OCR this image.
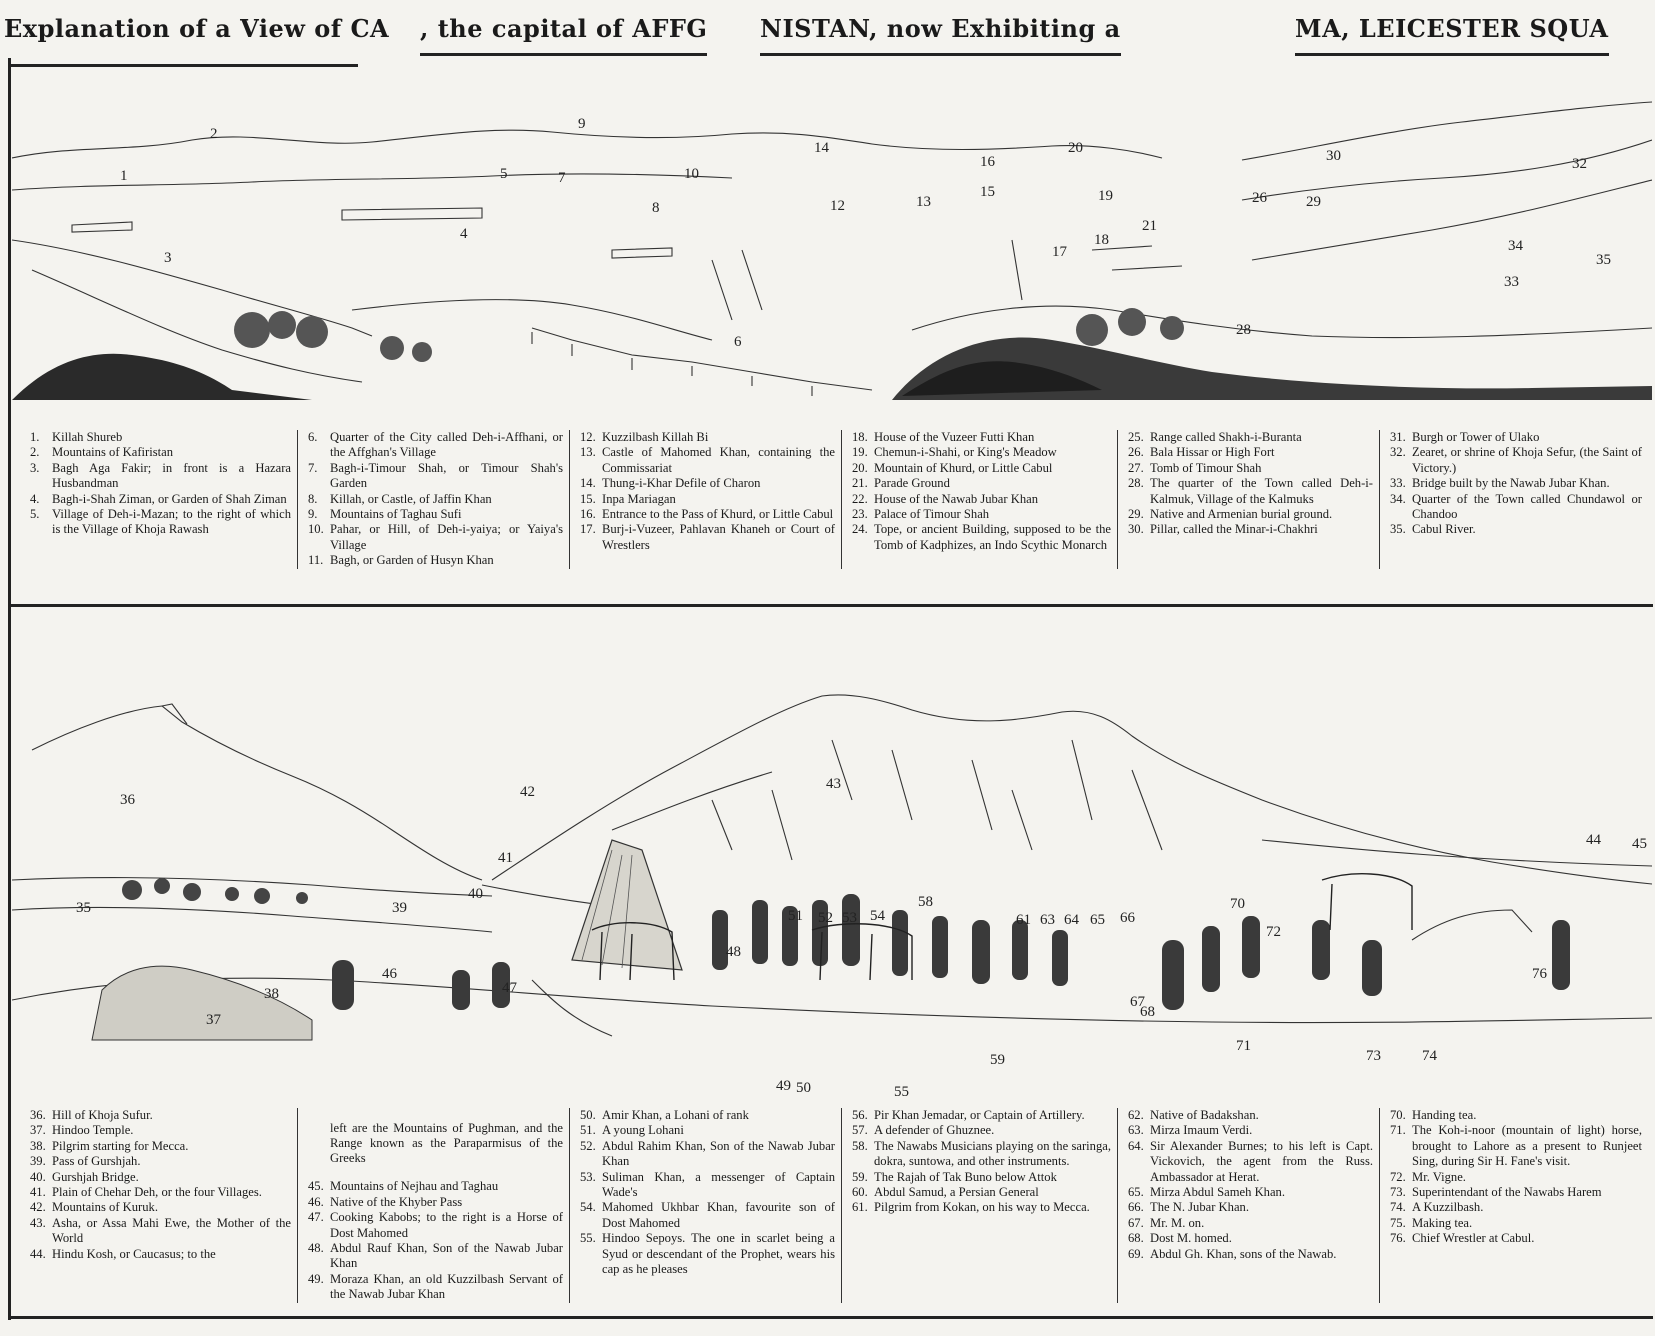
Explanation of a View of CA , the capital of AFFG NISTAN, now Exhibiting a	MA, LEICESTER SQUA
1
2
3
4
5
6
7
8
9
10
12	13
14
15
16
17
18
19
20
21
26
28
29
30	32
33
34
35

1. Killah Shureb

2. Mountains of Kafiristan

3. Bagh Aga Fakir; in front is a Hazara Husbandman

4. Bagh-i-Shah Ziman, or Garden of Shah Ziman

5. Village of Deh-i-Mazan; to the right of which is the Village of Khoja Rawash

6. Quarter of the City called Deh-i-Affhani, or the Affghan's Village

7. Bagh-i-Timour Shah, or Timour Shah's Garden

8. Killah, or Castle, of Jaffin Khan

9. Mountains of Taghau Sufi

10. Pahar, or Hill, of Deh-i-yaiya; or Yaiya's Village

11. Bagh, or Garden of Husyn Khan

12. Kuzzilbash Killah Bi

13. Castle of Mahomed Khan, containing the Commissariat

14. Thung-i-Khar Defile of Charon

15. Inpa Mariagan

16. Entrance to the Pass of Khurd, or Little Cabul

17. Burj-i-Vuzeer, Pahlavan Khaneh or Court of Wrestlers

18. House of the Vuzeer Futti Khan

19. Chemun-i-Shahi, or King's Meadow

20. Mountain of Khurd, or Little Cabul

21. Parade Ground

22. House of the Nawab Jubar Khan

23. Palace of Timour Shah

24. Tope, or ancient Building, supposed to be the Tomb of Kadphizes, an Indo Scythic Monarch

25. Range called Shakh-i-Buranta

26. Bala Hissar or High Fort

27. Tomb of Timour Shah

28. The quarter of the Town called Deh-i-Kalmuk, Village of the Kalmuks

29. Native and Armenian burial ground.

30. Pillar, called the Minar-i-Chakhri

31. Burgh or Tower of Ulako

32. Zearet, or shrine of Khoja Sefur, (the Saint of Victory.)

33. Bridge built by the Nawab Jubar Khan.

34. Quarter of the Town called Chundawol or Chandoo

35. Cabul River.

35
36
37
38
39
40
41
42	43
44 45
46
47
48
49 50
51 52 53 54
55
58
59
61 63 64 65 66
67
68
70
71
72
73	74
76

36. Hill of Khoja Sufur.

37. Hindoo Temple.

38. Pilgrim starting for Mecca.

39. Pass of Gurshjah.

40. Gurshjah Bridge.

41. Plain of Chehar Deh, or the four Villages.

42. Mountains of Kuruk.

43. Asha, or Assa Mahi Ewe, the Mother of the World

44. Hindu Kosh, or Caucasus; to the

left are the Mountains of Pughman, and the Range known as the Paraparmisus of the Greeks

45. Mountains of Nejhau and Taghau

46. Native of the Khyber Pass

47. Cooking Kabobs; to the right is a Horse of Dost Mahomed

48. Abdul Rauf Khan, Son of the Nawab Jubar Khan

49. Moraza Khan, an old Kuzzilbash Servant of the Nawab Jubar Khan

50. Amir Khan, a Lohani of rank

51. A young Lohani

52. Abdul Rahim Khan, Son of the Nawab Jubar Khan

53. Suliman Khan, a messenger of Captain Wade's

54. Mahomed Ukhbar Khan, favourite son of Dost Mahomed

55. Hindoo Sepoys. The one in scarlet being a Syud or descendant of the Prophet, wears his cap as he pleases

56. Pir Khan Jemadar, or Captain of Artillery.

57. A defender of Ghuznee.

58. The Nawabs Musicians playing on the saringa, dokra, suntowa, and other instruments.

59. The Rajah of Tak Buno below Attok

60. Abdul Samud, a Persian General

61. Pilgrim from Kokan, on his way to Mecca.

62. Native of Badakshan.

63. Mirza Imaum Verdi.

64. Sir Alexander Burnes; to his left is Capt. Vickovich, the agent from the Russ. Ambassador at Herat.

65. Mirza Abdul Sameh Khan.

66. The N. Jubar Khan.

67. Mr. M. on.

68. Dost M. homed.

69. Abdul Gh. Khan, sons of the Nawab.

70. Handing tea.

71. The Koh-i-noor (mountain of light) horse, brought to Lahore as a present to Runjeet Sing, during Sir H. Fane's visit.

72. Mr. Vigne.

73. Superintendant of the Nawabs Harem

74. A Kuzzilbash.

75. Making tea.

76. Chief Wrestler at Cabul.
